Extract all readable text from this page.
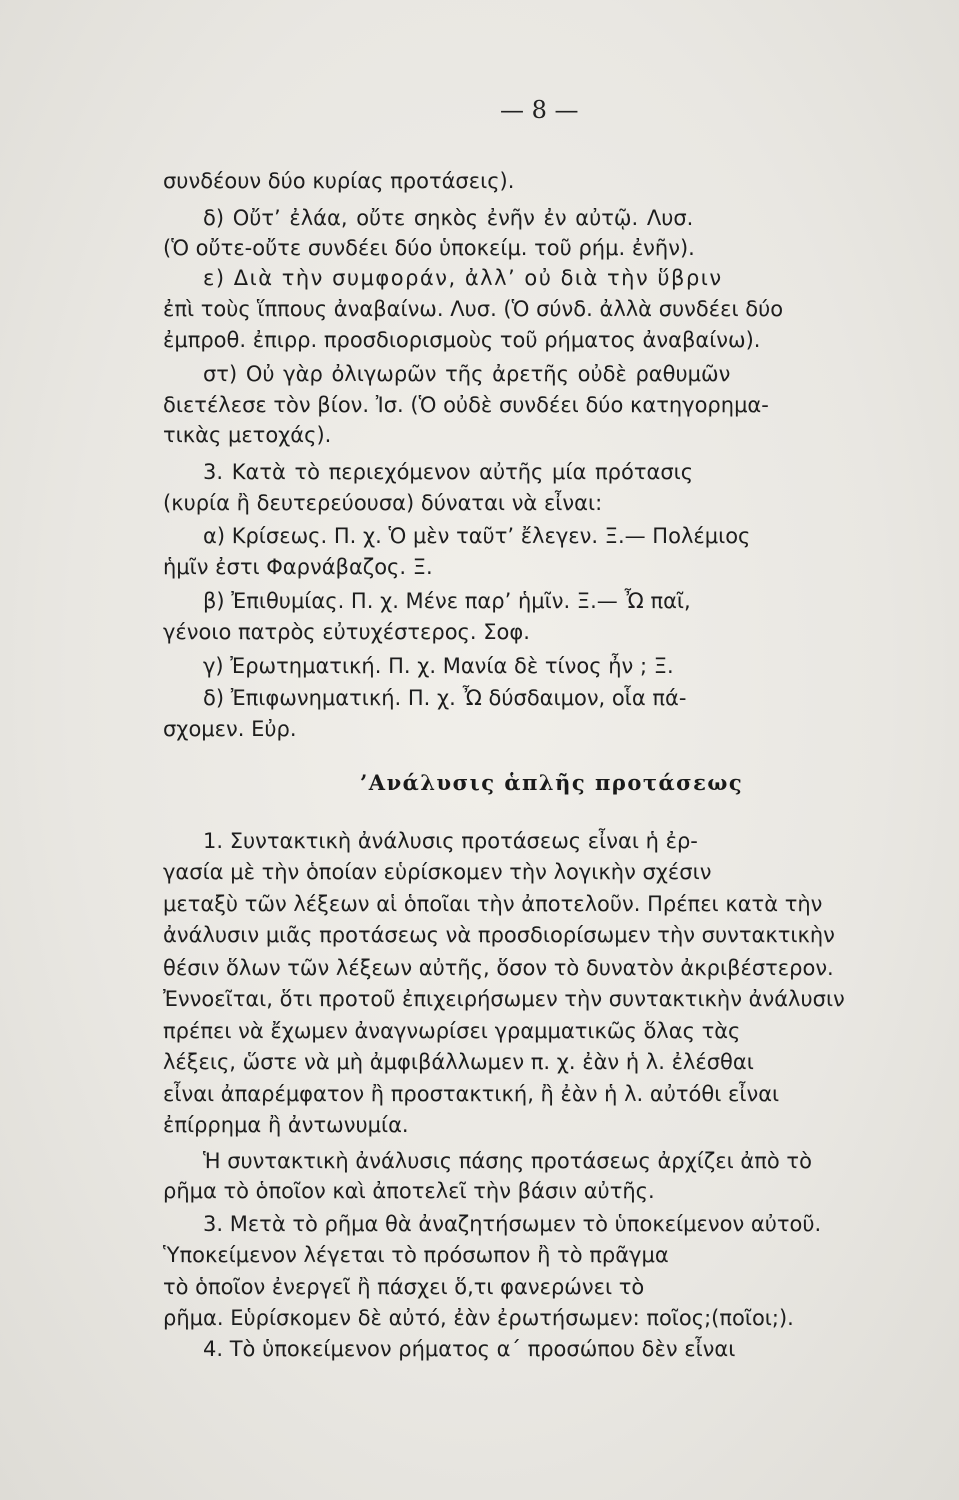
— 8 —
συνδέουν δύο κυρίας προτάσεις).
δ) Οὔτ’ ἐλάα, οὔτε σηκὸς ἐνῆν ἐν αὐτῷ. Λυσ.
(Ὁ οὔτε-οὔτε συνδέει δύο ὑποκείμ. τοῦ ρήμ. ἐνῆν).
ε) Διὰ τὴν συμφοράν, ἀλλ’ οὐ διὰ τὴν ὕβριν
ἐπὶ τοὺς ἵππους ἀναβαίνω. Λυσ. (Ὁ σύνδ. ἀλλὰ συνδέει δύο
ἐμπροθ. ἐπιρρ. προσδιορισμοὺς τοῦ ρήματος ἀναβαίνω).
στ) Οὐ γὰρ ὀλιγωρῶν τῆς ἀρετῆς οὐδὲ ραθυμῶν
διετέλεσε τὸν βίον. Ἰσ. (Ὁ οὐδὲ συνδέει δύο κατηγορημα-
τικὰς μετοχάς).
3. Κατὰ τὸ περιεχόμενον αὐτῆς μία πρότασις
(κυρία ἢ δευτερεύουσα) δύναται νὰ εἶναι:
α) Κρίσεως. Π. χ. Ὁ μὲν ταῦτ’ ἔλεγεν. Ξ.— Πολέμιος
ἡμῖν ἐστι Φαρνάβαζος. Ξ.
β) Ἐπιθυμίας. Π. χ. Μένε παρ’ ἡμῖν. Ξ.— Ὦ παῖ,
γένοιο πατρὸς εὐτυχέστερος. Σοφ.
γ) Ἐρωτηματική. Π. χ. Μανία δὲ τίνος ἦν ; Ξ.
δ) Ἐπιφωνηματική. Π. χ. Ὦ δύσδαιμον, οἷα πά-
σχομεν. Εὐρ.
’Ανάλυσις ἁπλῆς προτάσεως
1. Συντακτικὴ ἀνάλυσις προτάσεως εἶναι ἡ ἐρ-
γασία μὲ τὴν ὁποίαν εὑρίσκομεν τὴν λογικὴν σχέσιν
μεταξὺ τῶν λέξεων αἱ ὁποῖαι τὴν ἀποτελοῦν. Πρέπει κατὰ τὴν
ἀνάλυσιν μιᾶς προτάσεως νὰ προσδιορίσωμεν τὴν συντακτικὴν
θέσιν ὅλων τῶν λέξεων αὐτῆς, ὅσον τὸ δυνατὸν ἀκριβέστερον.
Ἐννοεῖται, ὅτι προτοῦ ἐπιχειρήσωμεν τὴν συντακτικὴν ἀνάλυσιν
πρέπει νὰ ἔχωμεν ἀναγνωρίσει γραμματικῶς ὅλας τὰς
λέξεις, ὥστε νὰ μὴ ἀμφιβάλλωμεν π. χ. ἐὰν ἡ λ. ἐλέσθαι
εἶναι ἀπαρέμφατον ἢ προστακτική, ἢ ἐὰν ἡ λ. αὐτόθι εἶναι
ἐπίρρημα ἢ ἀντωνυμία.
Ἡ συντακτικὴ ἀνάλυσις πάσης προτάσεως ἀρχίζει ἀπὸ τὸ
ρῆμα τὸ ὁποῖον καὶ ἀποτελεῖ τὴν βάσιν αὐτῆς.
3. Μετὰ τὸ ρῆμα θὰ ἀναζητήσωμεν τὸ ὑποκείμενον αὐτοῦ.
Ὑποκείμενον λέγεται τὸ πρόσωπον ἢ τὸ πρᾶγμα
τὸ ὁποῖον ἐνεργεῖ ἢ πάσχει ὅ,τι φανερώνει τὸ
ρῆμα. Εὑρίσκομεν δὲ αὐτό, ἐὰν ἐρωτήσωμεν: ποῖος;(ποῖοι;).
4. Τὸ ὑποκείμενον ρήματος α΄ προσώπου δὲν εἶναι
